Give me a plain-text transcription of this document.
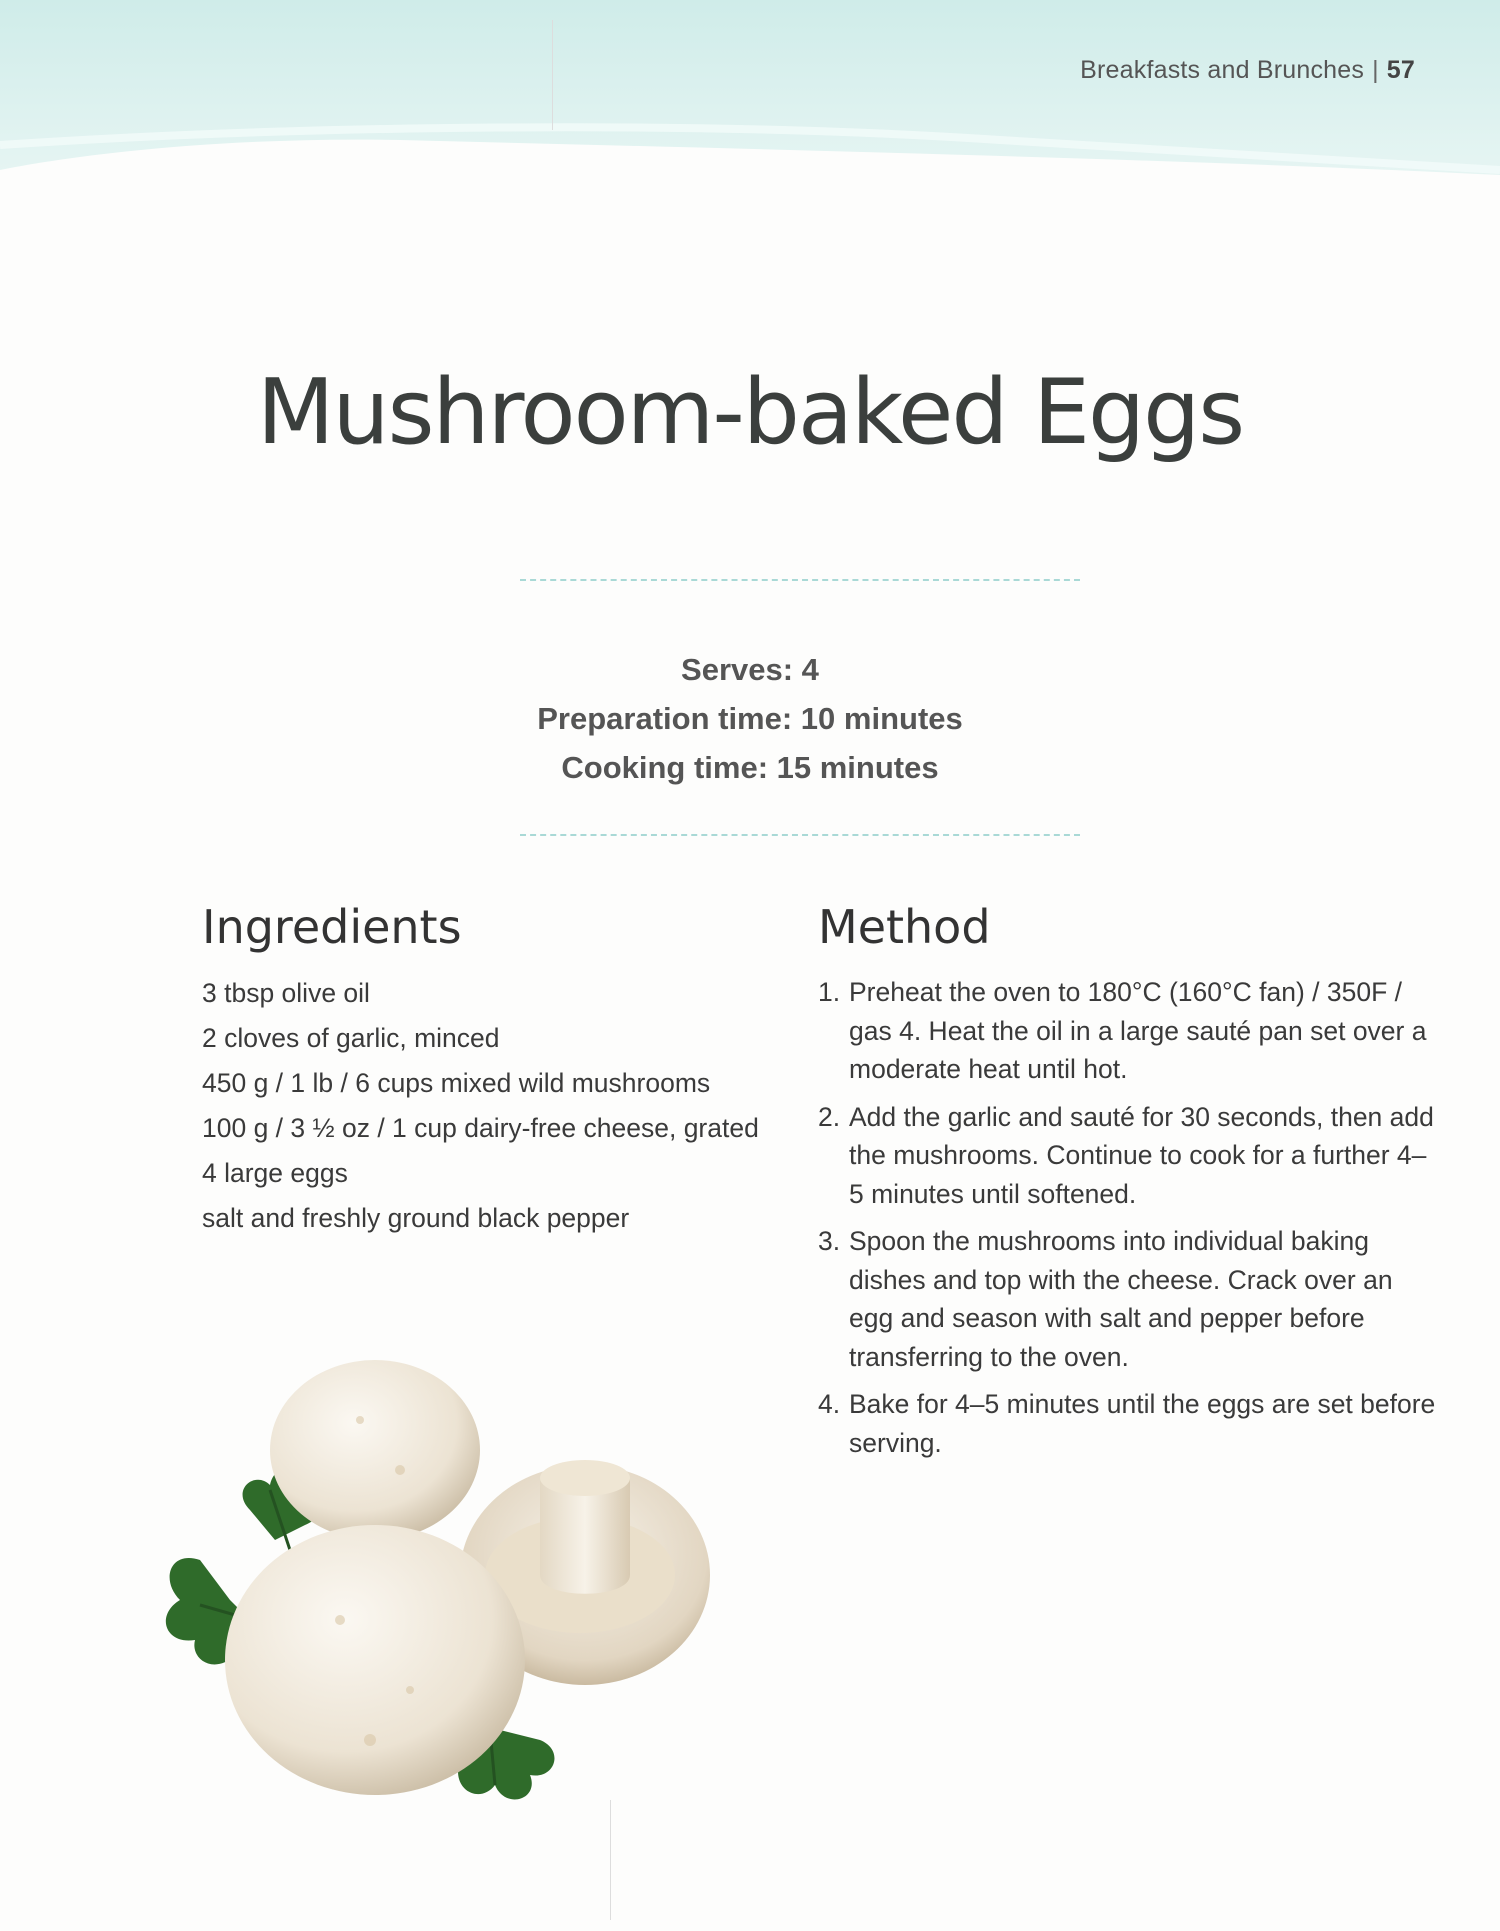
Breakfasts and Brunches | 57
Mushroom-baked Eggs
Serves: 4
Preparation time: 10 minutes
Cooking time: 15 minutes
Ingredients
3 tbsp olive oil
2 cloves of garlic, minced
450 g / 1 lb / 6 cups mixed wild mushrooms
100 g / 3 ½ oz / 1 cup dairy-free cheese, grated
4 large eggs
salt and freshly ground black pepper
Method
1. Preheat the oven to 180°C (160°C fan) / 350F / gas 4. Heat the oil in a large sauté pan set over a moderate heat until hot.
2. Add the garlic and sauté for 30 seconds, then add the mushrooms. Continue to cook for a further 4–5 minutes until softened.
3. Spoon the mushrooms into individual baking dishes and top with the cheese. Crack over an egg and season with salt and pepper before transferring to the oven.
4. Bake for 4–5 minutes until the eggs are set before serving.
